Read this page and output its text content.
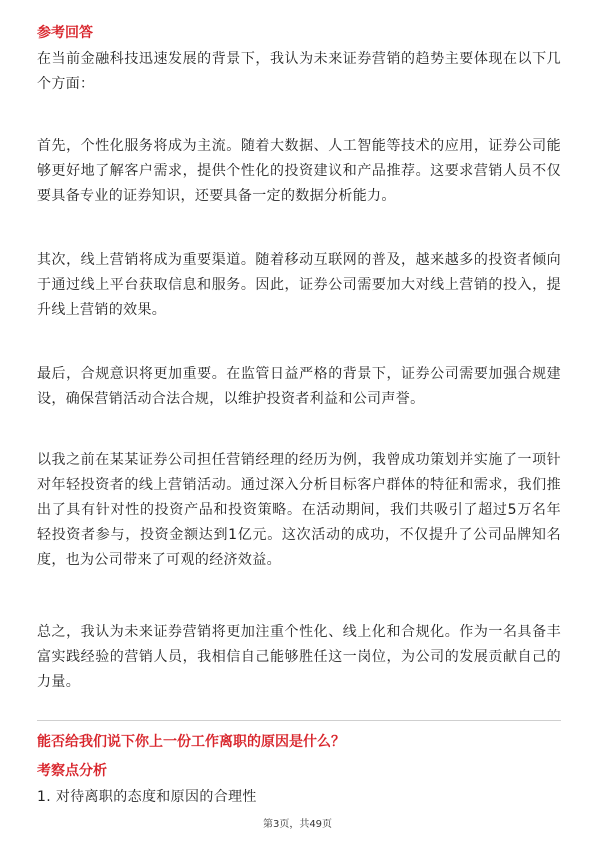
参考回答

在当前金融科技迅速发展的背景下，我认为未来证券营销的趋势主要体现在以下几个方面：

首先，个性化服务将成为主流。随着大数据、人工智能等技术的应用，证券公司能够更好地了解客户需求，提供个性化的投资建议和产品推荐。这要求营销人员不仅要具备专业的证券知识，还要具备一定的数据分析能力。

其次，线上营销将成为重要渠道。随着移动互联网的普及，越来越多的投资者倾向于通过线上平台获取信息和服务。因此，证券公司需要加大对线上营销的投入，提升线上营销的效果。

最后，合规意识将更加重要。在监管日益严格的背景下，证券公司需要加强合规建设，确保营销活动合法合规，以维护投资者利益和公司声誉。

以我之前在某某证券公司担任营销经理的经历为例，我曾成功策划并实施了一项针对年轻投资者的线上营销活动。通过深入分析目标客户群体的特征和需求，我们推出了具有针对性的投资产品和投资策略。在活动期间，我们共吸引了超过5万名年轻投资者参与，投资金额达到1亿元。这次活动的成功，不仅提升了公司品牌知名度，也为公司带来了可观的经济效益。

总之，我认为未来证券营销将更加注重个性化、线上化和合规化。作为一名具备丰富实践经验的营销人员，我相信自己能够胜任这一岗位，为公司的发展贡献自己的力量。

能否给我们说下你上一份工作离职的原因是什么？
考察点分析

1. 对待离职的态度和原因的合理性

第3页，共49页
